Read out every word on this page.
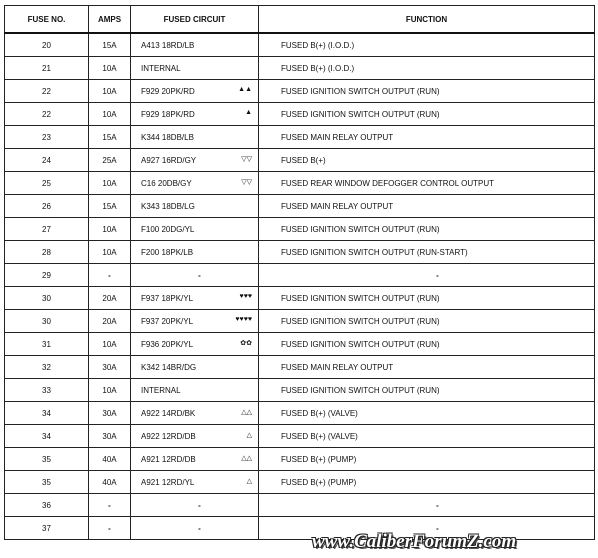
FUSE NO.	AMPS	FUSED CIRCUIT	FUNCTION
20	15A	A413 18RD/LB	FUSED B(+) (I.O.D.)
21	10A	INTERNAL	FUSED B(+) (I.O.D.)
22	10A	F929 20PK/RD ▲▲	FUSED IGNITION SWITCH OUTPUT (RUN)
22	10A	F929 18PK/RD ▲	FUSED IGNITION SWITCH OUTPUT (RUN)
23	15A	K344 18DB/LB	FUSED MAIN RELAY OUTPUT
24	25A	A927 16RD/GY ▽▽	FUSED B(+)
25	10A	C16 20DB/GY ▽▽	FUSED REAR WINDOW DEFOGGER CONTROL OUTPUT
26	15A	K343 18DB/LG	FUSED MAIN RELAY OUTPUT
27	10A	F100 20DG/YL	FUSED IGNITION SWITCH OUTPUT (RUN)
28	10A	F200 18PK/LB	FUSED IGNITION SWITCH OUTPUT (RUN-START)
29	-	-	-
30	20A	F937 18PK/YL ♥♥♥	FUSED IGNITION SWITCH OUTPUT (RUN)
30	20A	F937 20PK/YL ♥♥♥♥	FUSED IGNITION SWITCH OUTPUT (RUN)
31	10A	F936 20PK/YL ✿✿	FUSED IGNITION SWITCH OUTPUT (RUN)
32	30A	K342 14BR/DG	FUSED MAIN RELAY OUTPUT
33	10A	INTERNAL	FUSED IGNITION SWITCH OUTPUT (RUN)
34	30A	A922 14RD/BK △△	FUSED B(+) (VALVE)
34	30A	A922 12RD/DB △	FUSED B(+) (VALVE)
35	40A	A921 12RD/DB △△	FUSED B(+) (PUMP)
35	40A	A921 12RD/YL △	FUSED B(+) (PUMP)
36	-	-	-
37	-	-	-
www.CaliberForumZ.com
